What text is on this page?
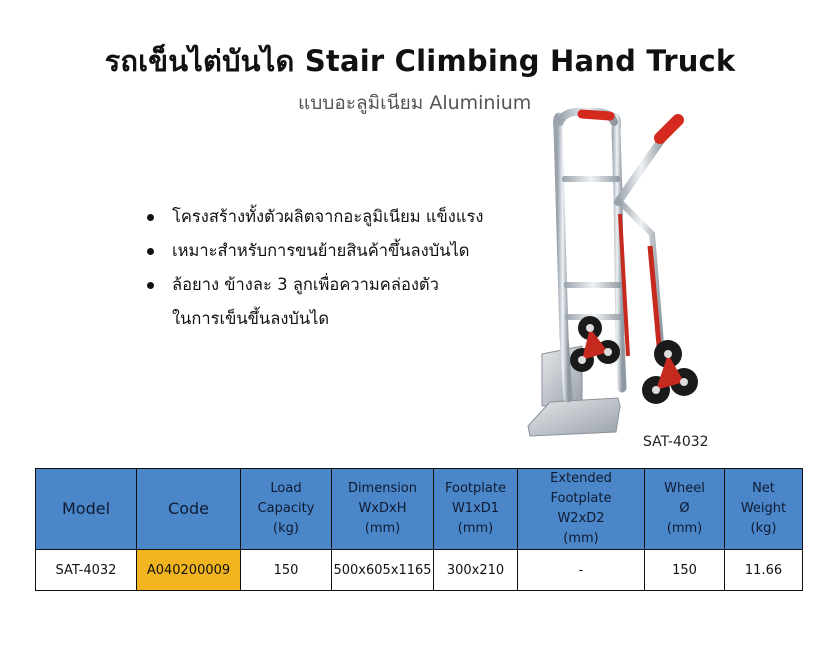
รถเข็นไต่บันได Stair Climbing Hand Truck
แบบอะลูมิเนียม Aluminium
โครงสร้างทั้งตัวผลิตจากอะลูมิเนียม แข็งแรง
เหมาะสำหรับการขนย้ายสินค้าขึ้นลงบันได
ล้อยาง ข้างละ 3 ลูกเพื่อความคล่องตัว
ในการเข็นขึ้นลงบันได
SAT-4032
Model	Code	Load
Capacity
(kg)	Dimension
WxDxH
(mm)	Footplate
W1xD1
(mm)	Extended Footplate
W2xD2
(mm)	Wheel
Ø
(mm)	Net
Weight
(kg)

SAT-4032	A040200009	150	500x605x1165	300x210	-	150	11.66
